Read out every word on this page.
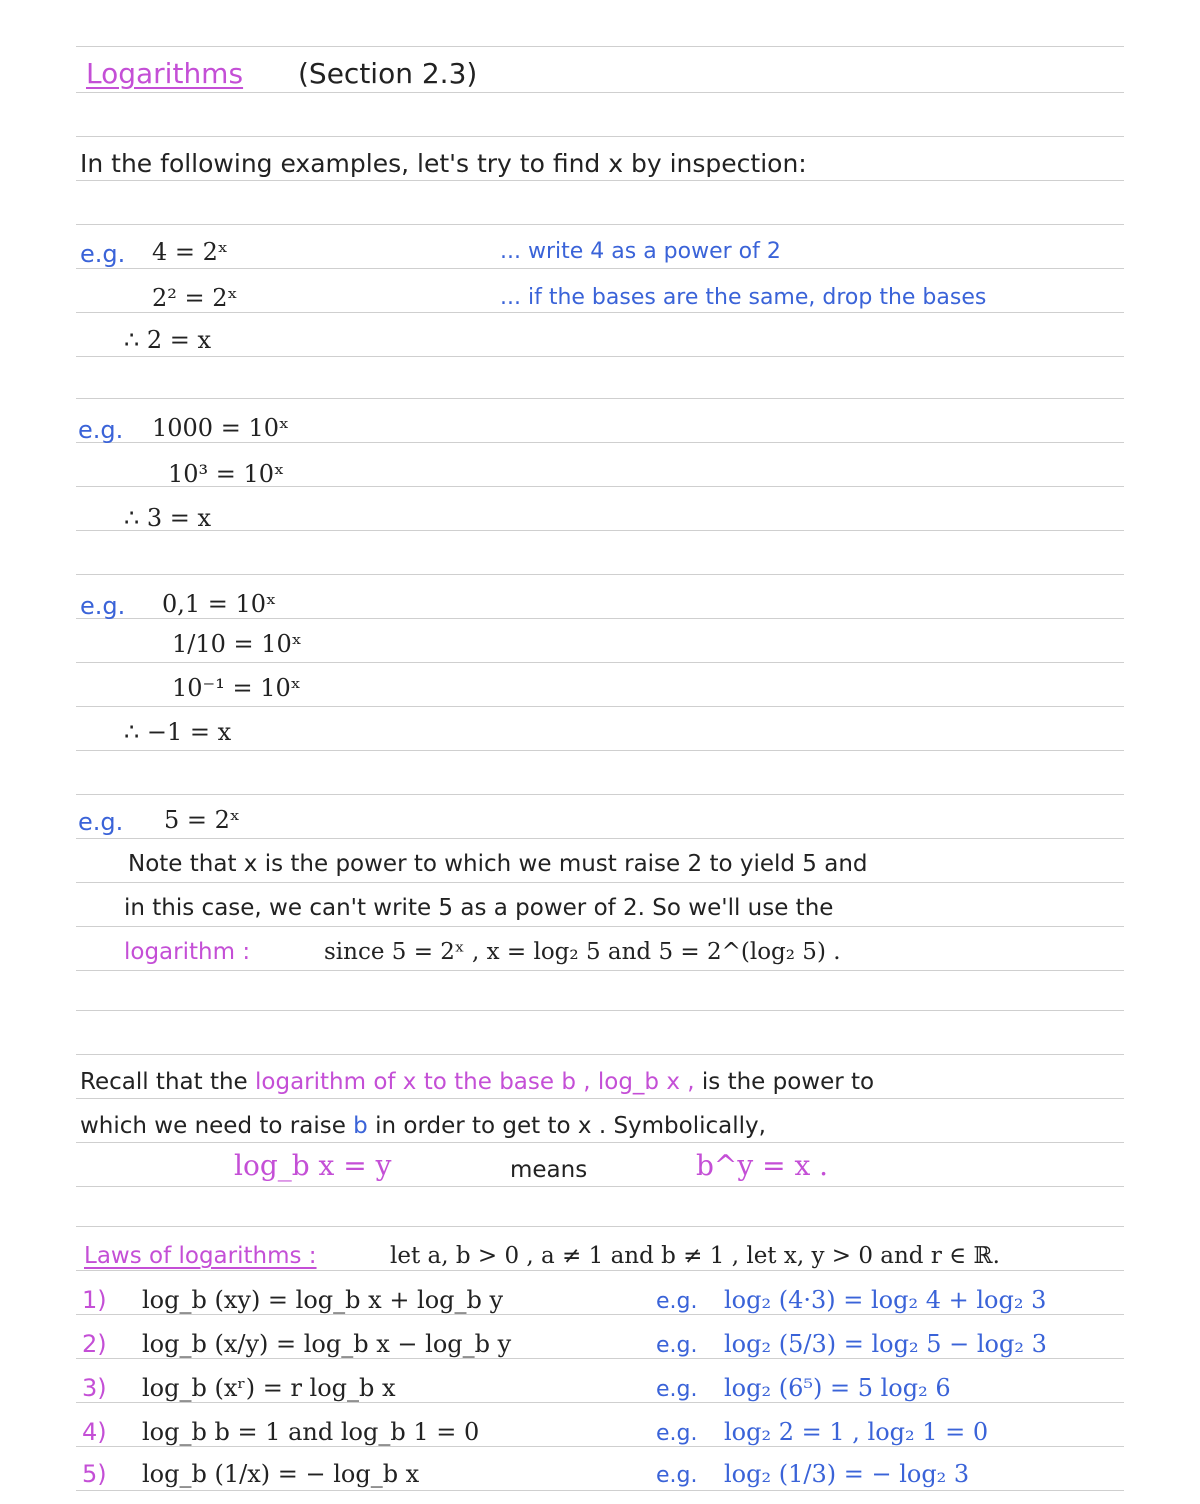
Logarithms (Section 2.3)
In the following examples, let's try to find x by inspection:
e.g. 4 = 2ˣ
2² = 2ˣ
∴ 2 = x
... write 4 as a power of 2
... if the bases are the same, drop the bases
e.g. 1000 = 10ˣ
10³ = 10ˣ
∴ 3 = x
e.g. 0,1 = 10ˣ
1/10 = 10ˣ
10⁻¹ = 10ˣ
∴ −1 = x
e.g. 5 = 2ˣ
Note that x is the power to which we must raise 2 to yield 5 and
in this case, we can't write 5 as a power of 2. So we'll use the
logarithm :	since 5 = 2ˣ , x = log₂ 5 and 5 = 2^(log₂ 5) .
Recall that the logarithm of x to the base b , log_b x , is the power to
which we need to raise b in order to get to x . Symbolically,
log_b x = y	means	b^y = x .
Laws of logarithms :	let a, b > 0 , a ≠ 1 and b ≠ 1 , let x, y > 0 and r ∈ ℝ.
1) log_b (xy) = log_b x + log_b y	e.g. log₂ (4·3) = log₂ 4 + log₂ 3
2) log_b (x/y) = log_b x − log_b y	e.g. log₂ (5/3) = log₂ 5 − log₂ 3
3) log_b (xʳ) = r log_b x	e.g. log₂ (6⁵) = 5 log₂ 6
4) log_b b = 1 and log_b 1 = 0	e.g. log₂ 2 = 1 , log₂ 1 = 0
5) log_b (1/x) = − log_b x	e.g. log₂ (1/3) = − log₂ 3
